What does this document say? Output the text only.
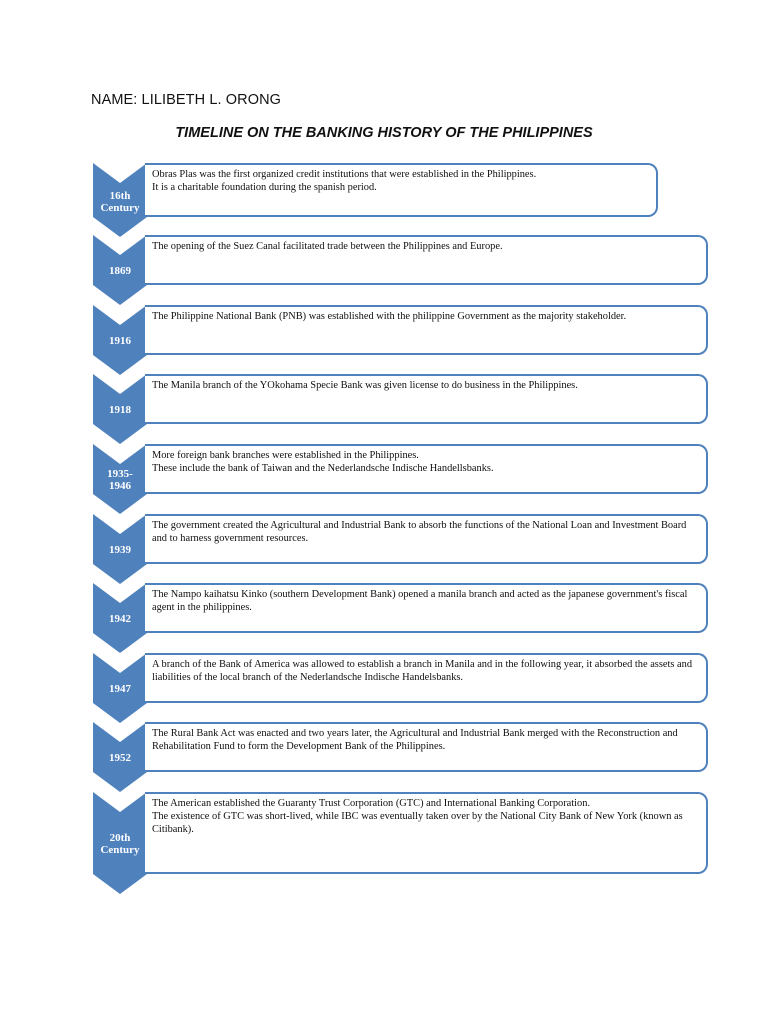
NAME: LILIBETH L. ORONG
TIMELINE ON THE BANKING HISTORY OF THE PHILIPPINES
16th
Century
Obras Plas was the first organized credit institutions that were established in the Philippines.
It is a charitable foundation during the spanish period.
1869
The opening of the Suez Canal facilitated trade between the Philippines and Europe.
1916
The Philippine National Bank (PNB) was established with the philippine Government as the majority stakeholder.
1918
The Manila branch of the YOkohama Specie Bank was given license to do business in the Philippines.
1935-
1946
More foreign bank branches were established in the Philippines.
These include the bank of Taiwan and the Nederlandsche Indische Handellsbanks.
1939
The government created the Agricultural and Industrial Bank to absorb the functions of the National Loan and Investment Board and to harness government resources.
1942
The Nampo kaihatsu Kinko (southern Development Bank) opened a manila branch and acted as the japanese government's fiscal agent in the philippines.
1947
A branch of the Bank of America was allowed to establish a branch in Manila and in the following year, it absorbed the assets and liabilities of the local branch of the Nederlandsche Indische Handelsbanks.
1952
The Rural Bank Act was enacted and two years later, the Agricultural and Industrial Bank merged with the Reconstruction and Rehabilitation Fund to form the Development Bank of the Philippines.
20th
Century
The American established the Guaranty Trust Corporation (GTC) and International Banking Corporation.
The existence of GTC was short-lived, while IBC was eventually taken over by the National City Bank of New York (known as Citibank).
